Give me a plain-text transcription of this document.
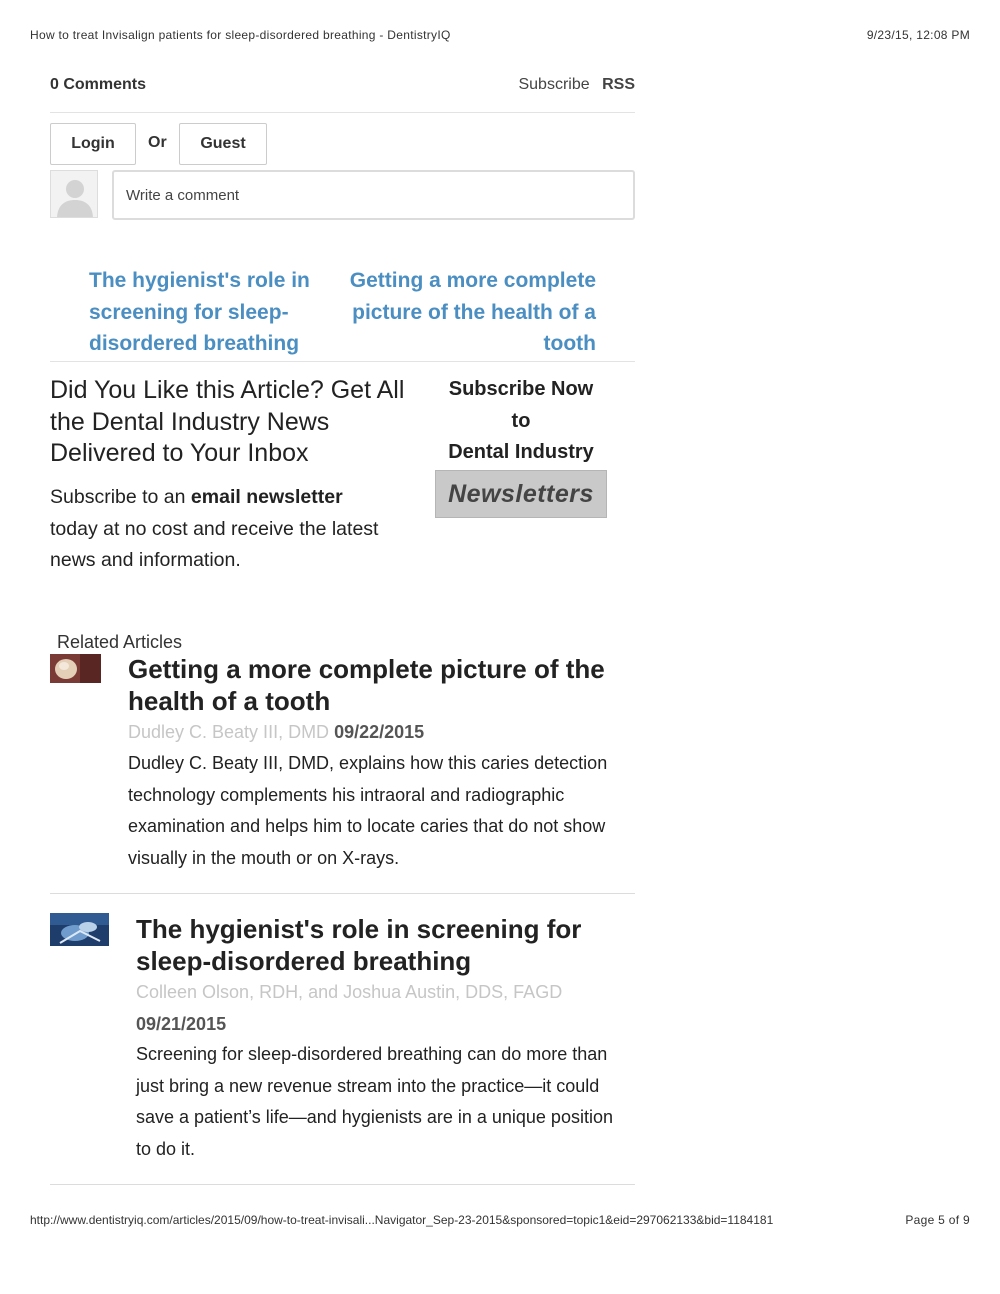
How to treat Invisalign patients for sleep-disordered breathing - DentistryIQ	9/23/15, 12:08 PM
0 Comments	Subscribe RSS
Login	Or	Guest
Write a comment
The hygienist's role in screening for sleep-disordered breathing
Getting a more complete picture of the health of a tooth
Did You Like this Article? Get All the Dental Industry News Delivered to Your Inbox
Subscribe to an email newsletter today at no cost and receive the latest news and information.
Subscribe Now
to
Dental Industry
Newsletters
Related Articles
Getting a more complete picture of the health of a tooth
Dudley C. Beaty III, DMD 09/22/2015
Dudley C. Beaty III, DMD, explains how this caries detection technology complements his intraoral and radiographic examination and helps him to locate caries that do not show visually in the mouth or on X-rays.
The hygienist's role in screening for sleep-disordered breathing
Colleen Olson, RDH, and Joshua Austin, DDS, FAGD
09/21/2015
Screening for sleep-disordered breathing can do more than just bring a new revenue stream into the practice—it could save a patient’s life—and hygienists are in a unique position to do it.
http://www.dentistryiq.com/articles/2015/09/how-to-treat-invisali...Navigator_Sep-23-2015&sponsored=topic1&eid=297062133&bid=1184181	Page 5 of 9
